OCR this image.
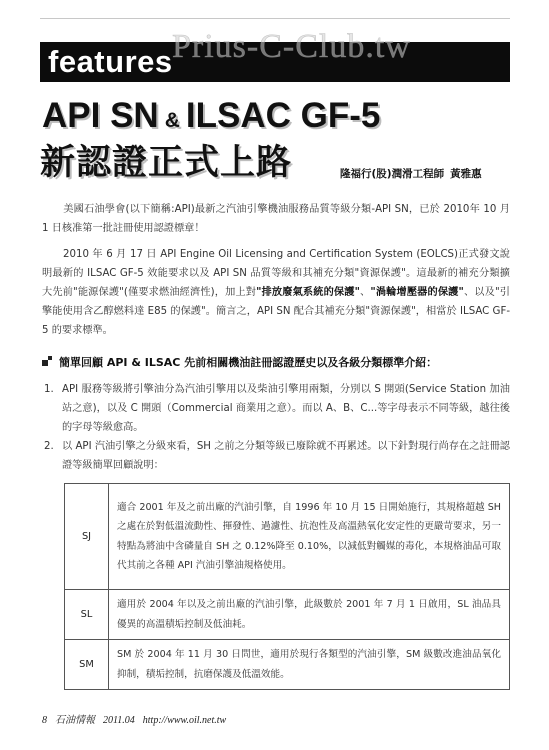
features Prius-C-Club.tw
API SN & ILSAC GF-5
新認證正式上路	隆福行(股)潤滑工程師 黃雅惠
美國石油學會(以下簡稱:API)最新之汽油引擎機油服務品質等級分類-API SN，已於 2010年 10 月 1 日核准第一批註冊使用認證標章！
2010 年 6 月 17 日 API Engine Oil Licensing and Certification System (EOLCS)正式發文說明最新的 ILSAC GF-5 效能要求以及 API SN 品質等級和其補充分類"資源保護"。這最新的補充分類擴大先前"能源保護"(僅要求燃油經濟性)，加上對"排放廢氣系統的保護"、"渦輪增壓器的保護"、以及"引擎能使用含乙醇燃料達 E85 的保護"。簡言之，API SN 配合其補充分類"資源保護"，相當於 ILSAC GF-5 的要求標準。
簡單回顧 API & ILSAC 先前相關機油註冊認證歷史以及各級分類標準介紹：
1. API 服務等級將引擎油分為汽油引擎用以及柴油引擎用兩類，分別以 S 開頭(Service Station 加油站之意)，以及 C 開頭（Commercial 商業用之意）。而以 A、B、C...等字母表示不同等級，越往後的字母等級愈高。
2. 以 API 汽油引擎之分級來看，SH 之前之分類等級已廢除就不再累述。以下針對現行尚存在之註冊認證等級簡單回顧說明：
SJ	適合 2001 年及之前出廠的汽油引擎，自 1996 年 10 月 15 日開始施行，其規格超越 SH 之處在於對低溫流動性、揮發性、過濾性、抗泡性及高溫熱氧化安定性的更嚴苛要求，另一特點為將油中含磷量自 SH 之 0.12%降至 0.10%，以減低對觸媒的毒化，本規格油品可取代其前之各種 API 汽油引擎油規格使用。
SL	適用於 2004 年以及之前出廠的汽油引擎，此級數於 2001 年 7 月 1 日啟用，SL 油品具優異的高溫積垢控制及低油耗。
SM	SM 於 2004 年 11 月 30 日問世，適用於現行各類型的汽油引擎，SM 級數改進油品氧化抑制，積垢控制，抗磨保護及低溫效能。
8 石油情報 2011.04 http://www.oil.net.tw
